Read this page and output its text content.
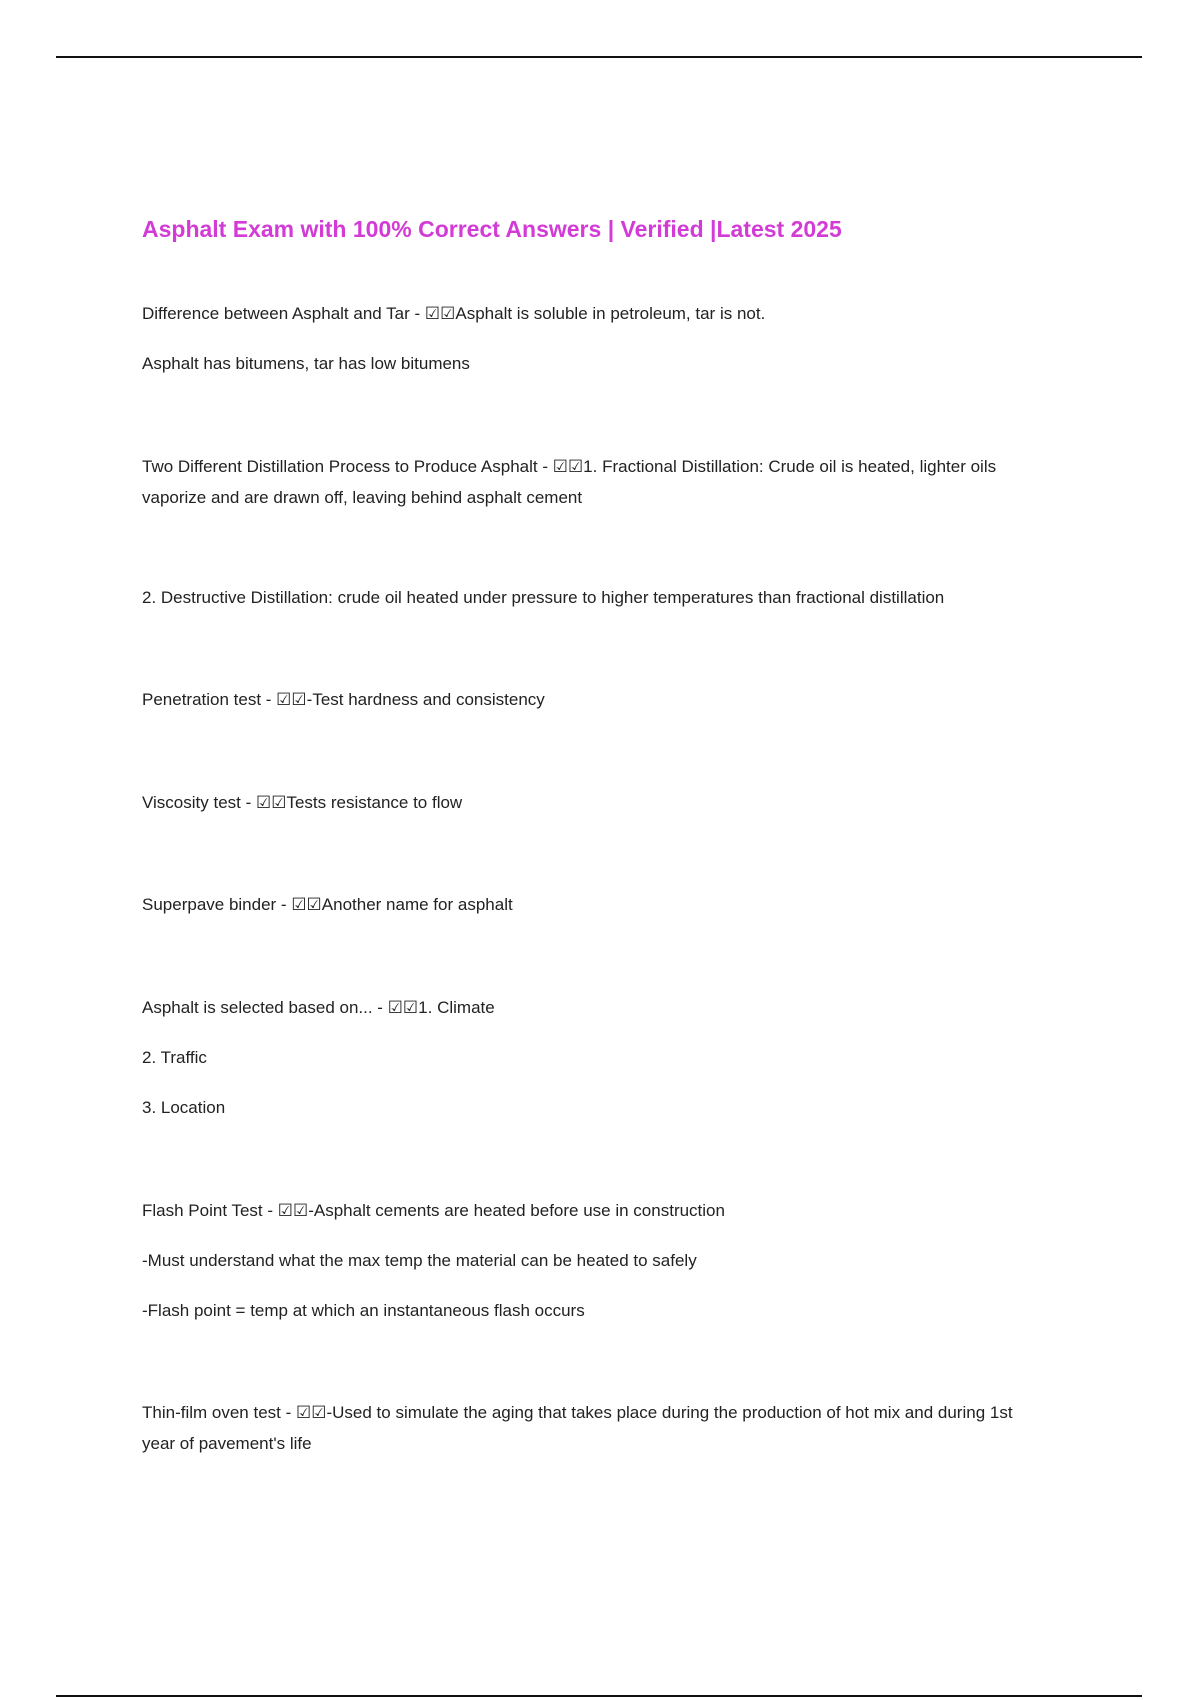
Asphalt Exam with 100% Correct Answers | Verified |Latest 2025

Difference between Asphalt and Tar - ☑☑Asphalt is soluble in petroleum, tar is not.

Asphalt has bitumens, tar has low bitumens

Two Different Distillation Process to Produce Asphalt - ☑☑1. Fractional Distillation: Crude oil is heated, lighter oils vaporize and are drawn off, leaving behind asphalt cement

2. Destructive Distillation: crude oil heated under pressure to higher temperatures than fractional distillation

Penetration test - ☑☑-Test hardness and consistency

Viscosity test - ☑☑Tests resistance to flow

Superpave binder - ☑☑Another name for asphalt

Asphalt is selected based on... - ☑☑1. Climate

2. Traffic

3. Location

Flash Point Test - ☑☑-Asphalt cements are heated before use in construction

-Must understand what the max temp the material can be heated to safely

-Flash point = temp at which an instantaneous flash occurs

Thin-film oven test - ☑☑-Used to simulate the aging that takes place during the production of hot mix and during 1st year of pavement's life
